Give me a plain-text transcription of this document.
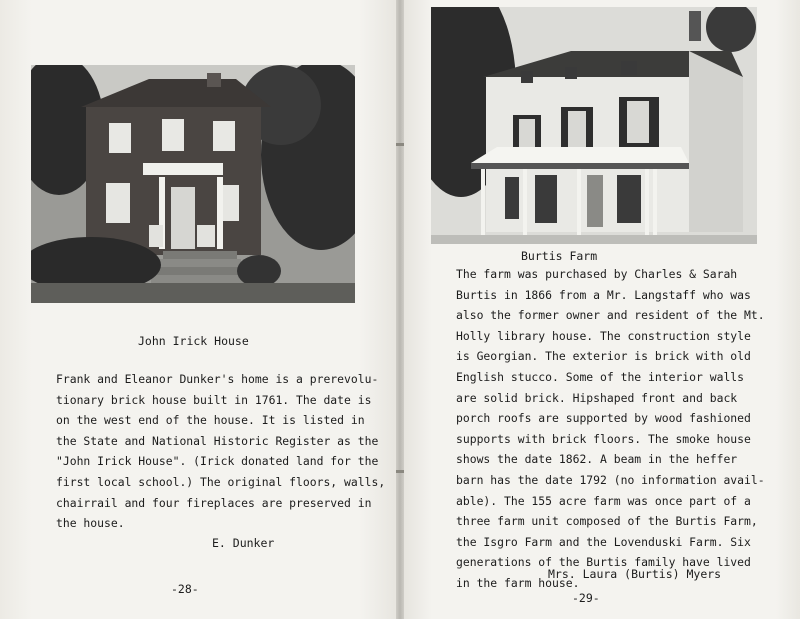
John Irick House
Frank and Eleanor Dunker's home is a prerevolu-
tionary brick house built in 1761. The date is
on the west end of the house. It is listed in
the State and National Historic Register as the
"John Irick House". (Irick donated land for the
first local school.) The original floors, walls,
chairrail and four fireplaces are preserved in
the house.
E. Dunker
-28-
Burtis Farm
The farm was purchased by Charles & Sarah
Burtis in 1866 from a Mr. Langstaff who was
also the former owner and resident of the Mt.
Holly library house. The construction style
is Georgian. The exterior is brick with old
English stucco. Some of the interior walls
are solid brick. Hipshaped front and back
porch roofs are supported by wood fashioned
supports with brick floors. The smoke house
shows the date 1862. A beam in the heffer
barn has the date 1792 (no information avail-
able). The 155 acre farm was once part of a
three farm unit composed of the Burtis Farm,
the Isgro Farm and the Lovenduski Farm. Six
generations of the Burtis family have lived
in the farm house.
Mrs. Laura (Burtis) Myers
-29-
